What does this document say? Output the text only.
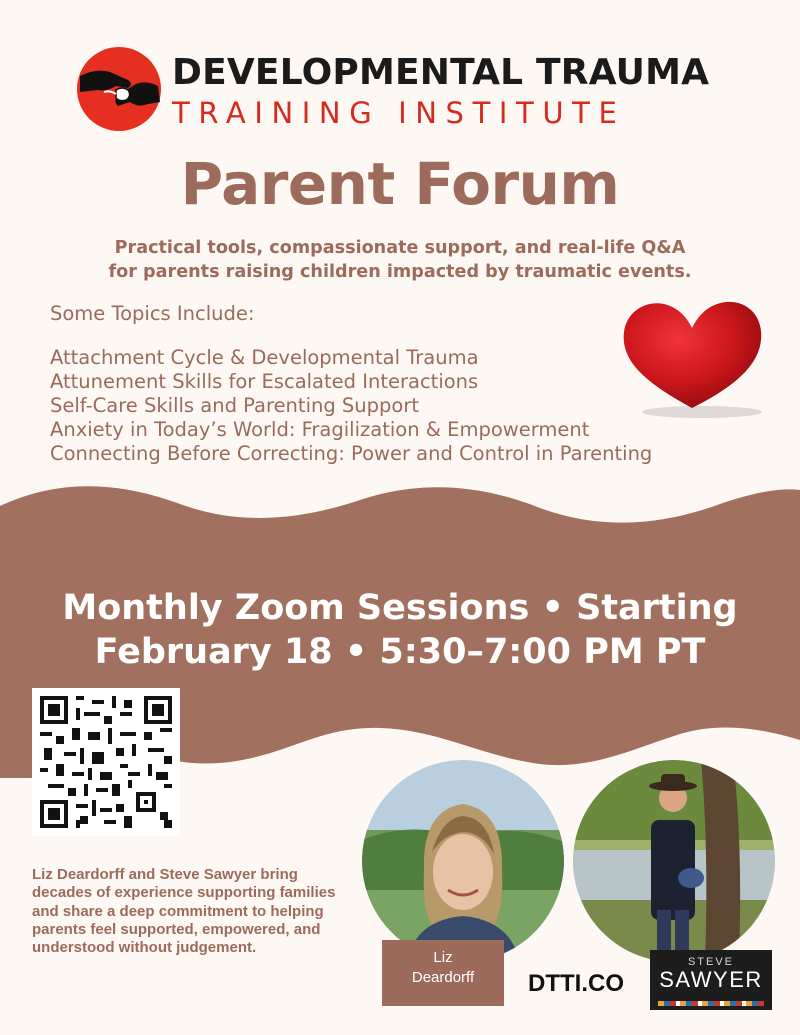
DEVELOPMENTAL TRAUMA
TRAINING INSTITUTE
Parent Forum
Practical tools, compassionate support, and real-life Q&A
for parents raising children impacted by traumatic events.
Some Topics Include:
Attachment Cycle & Developmental Trauma
Attunement Skills for Escalated Interactions
Self-Care Skills and Parenting Support
Anxiety in Today’s World: Fragilization & Empowerment
Connecting Before Correcting: Power and Control in Parenting
Monthly Zoom Sessions • Starting
February 18 • 5:30–7:00 PM PT

Liz Deardorff and Steve Sawyer bring decades of experience supporting families and share a deep commitment to helping parents feel supported, empowered, and understood without judgement.

Liz
Deardorff	DTTI.CO
STEVE
SAWYER
